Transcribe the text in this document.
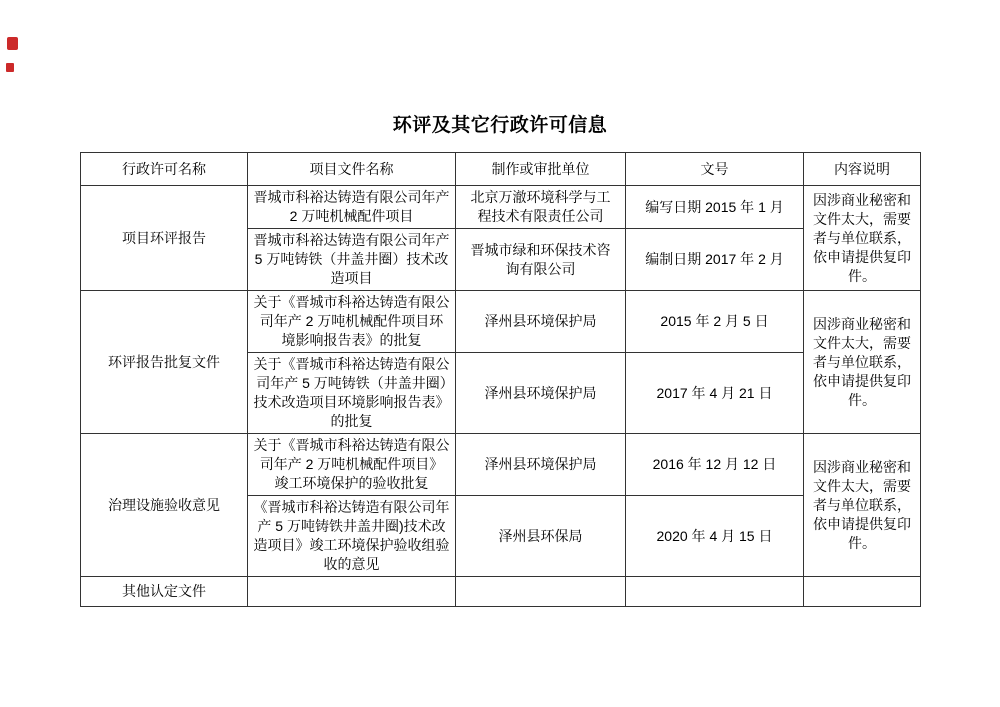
环评及其它行政许可信息
行政许可名称	项目文件名称	制作或审批单位	文号	内容说明
项目环评报告	晋城市科裕达铸造有限公司年产 2 万吨机械配件项目	北京万澈环境科学与工程技术有限责任公司	编写日期 2015 年 1 月	因涉商业秘密和文件太大，需要者与单位联系，依申请提供复印件。
	晋城市科裕达铸造有限公司年产 5 万吨铸铁（井盖井圈）技术改造项目	晋城市绿和环保技术咨询有限公司	编制日期 2017 年 2 月	
环评报告批复文件	关于《晋城市科裕达铸造有限公司年产 2 万吨机械配件项目环境影响报告表》的批复	泽州县环境保护局	2015 年 2 月 5 日	因涉商业秘密和文件太大，需要者与单位联系，依申请提供复印件。
	关于《晋城市科裕达铸造有限公司年产 5 万吨铸铁（井盖井圈）技术改造项目环境影响报告表》的批复	泽州县环境保护局	2017 年 4 月 21 日	
治理设施验收意见	关于《晋城市科裕达铸造有限公司年产 2 万吨机械配件项目》竣工环境保护的验收批复	泽州县环境保护局	2016 年 12 月 12 日	因涉商业秘密和文件太大，需要者与单位联系，依申请提供复印件。
	《晋城市科裕达铸造有限公司年产 5 万吨铸铁井盖井圈)技术改造项目》竣工环境保护验收组验收的意见	泽州县环保局	2020 年 4 月 15 日	
其他认定文件				
